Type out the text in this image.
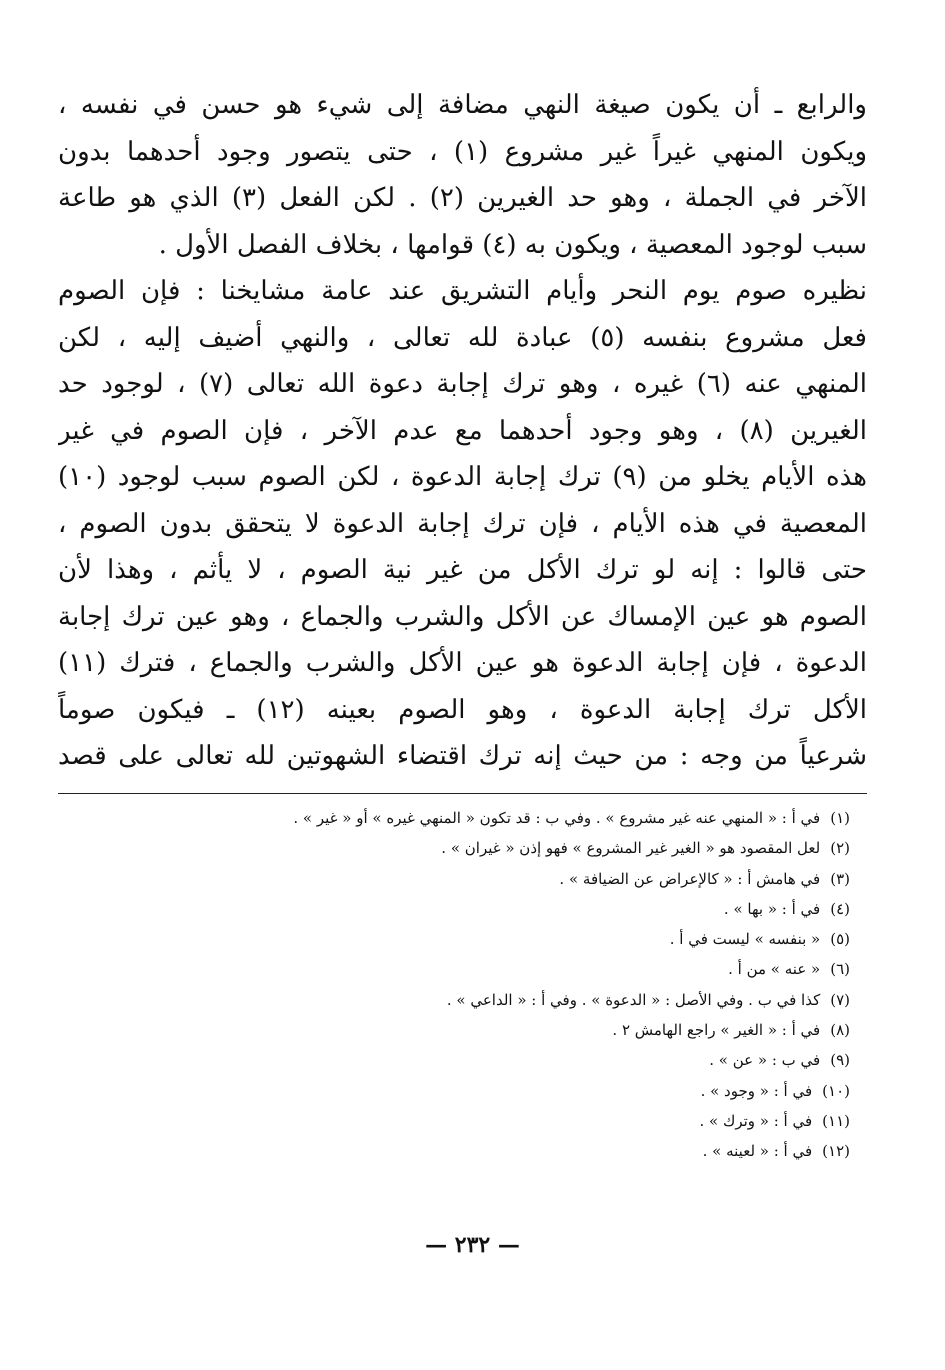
والرابع ـ أن يكون صيغة النهي مضافة إلى شيء هو حسن في نفسه ،
ويكون المنهي غيراً غير مشروع (١) ، حتى يتصور وجود أحدهما بدون
الآخر في الجملة ، وهو حد الغيرين (٢) . لكن الفعل (٣) الذي هو طاعة
سبب لوجود المعصية ، ويكون به (٤) قوامها ، بخلاف الفصل الأول .
نظيره صوم يوم النحر وأيام التشريق عند عامة مشايخنا : فإن الصوم
فعل مشروع بنفسه (٥) عبادة لله تعالى ، والنهي أضيف إليه ، لكن
المنهي عنه (٦) غيره ، وهو ترك إجابة دعوة الله تعالى (٧) ، لوجود حد
الغيرين (٨) ، وهو وجود أحدهما مع عدم الآخر ، فإن الصوم في غير
هذه الأيام يخلو من (٩) ترك إجابة الدعوة ، لكن الصوم سبب لوجود (١٠)
المعصية في هذه الأيام ، فإن ترك إجابة الدعوة لا يتحقق بدون الصوم ،
حتى قالوا : إنه لو ترك الأكل من غير نية الصوم ، لا يأثم ، وهذا لأن
الصوم هو عين الإمساك عن الأكل والشرب والجماع ، وهو عين ترك إجابة
الدعوة ، فإن إجابة الدعوة هو عين الأكل والشرب والجماع ، فترك (١١)
الأكل ترك إجابة الدعوة ، وهو الصوم بعينه (١٢) ـ فيكون صوماً
شرعياً من وجه : من حيث إنه ترك اقتضاء الشهوتين لله تعالى على قصد
(١)في أ : « المنهي عنه غير مشروع » . وفي ب : قد تكون « المنهي غيره » أو « غير » .
(٢)لعل المقصود هو « الغير غير المشروع » فهو إذن « غيران » .
(٣)في هامش أ : « كالإعراض عن الضيافة » .
(٤)في أ : « بها » .
(٥)« بنفسه » ليست في أ .
(٦)« عنه » من أ .
(٧)كذا في ب . وفي الأصل : « الدعوة » . وفي أ : « الداعي » .
(٨)في أ : « الغير » راجع الهامش ٢ .
(٩)في ب : « عن » .
(١٠)في أ : « وجود » .
(١١)في أ : « وترك » .
(١٢)في أ : « لعينه » .
— ٢٣٢ —
